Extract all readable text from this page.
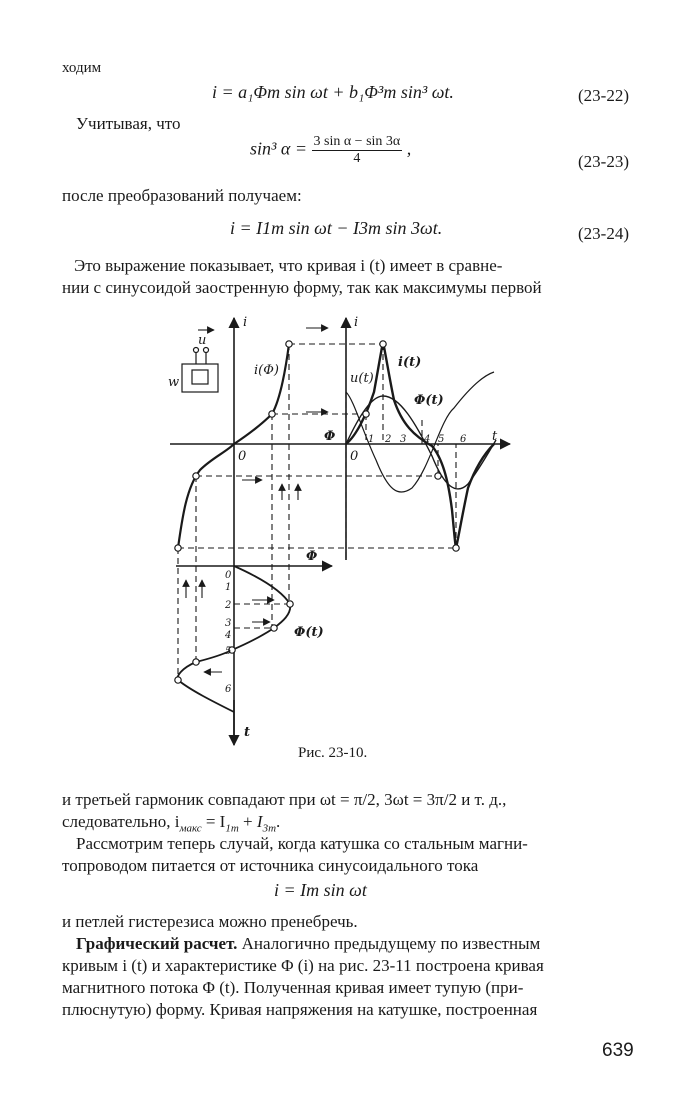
ходим
i = a₁Φm sin ωt + b₁Φ³m sin³ ωt.	(23-22)
Учитывая, что
sin³ $\alpha = \frac{\text{3 sin α − sin 3α}}{4}$ ,
(23-23)
после преобразований получаем:
i = I1m sin ωt − I3m sin 3ωt.	(23-24)
Это выражение показывает, что кривая i (t) имеет в сравне-
нии с синусоидой заостренную форму, так как максимумы первой
i	i
t
t
Φ
Φ
0	0
i(Φ)
i(t)
u(t)
Φ(t)
Φ(t)
u
w
1 2 3 4 5 6
0
1
2
3
4
5
6
Рис. 23-10.
и третьей гармоник совпадают при ωt = π/2, 3ωt = 3π/2 и т. д.,
следовательно, $i_{макс} = I_{1m} + I_{3m}$.
Рассмотрим теперь случай, когда катушка со стальным магни-
топроводом питается от источника синусоидального тока
i = Im sin ωt
и петлей гистерезиса можно пренебречь.
Графический расчет. Аналогично предыдущему по известным
кривым i (t) и характеристике Φ (i) на рис. 23-11 построена кривая
магнитного потока Φ (t). Полученная кривая имеет тупую (при-
плюснутую) форму. Кривая напряжения на катушке, построенная
639
